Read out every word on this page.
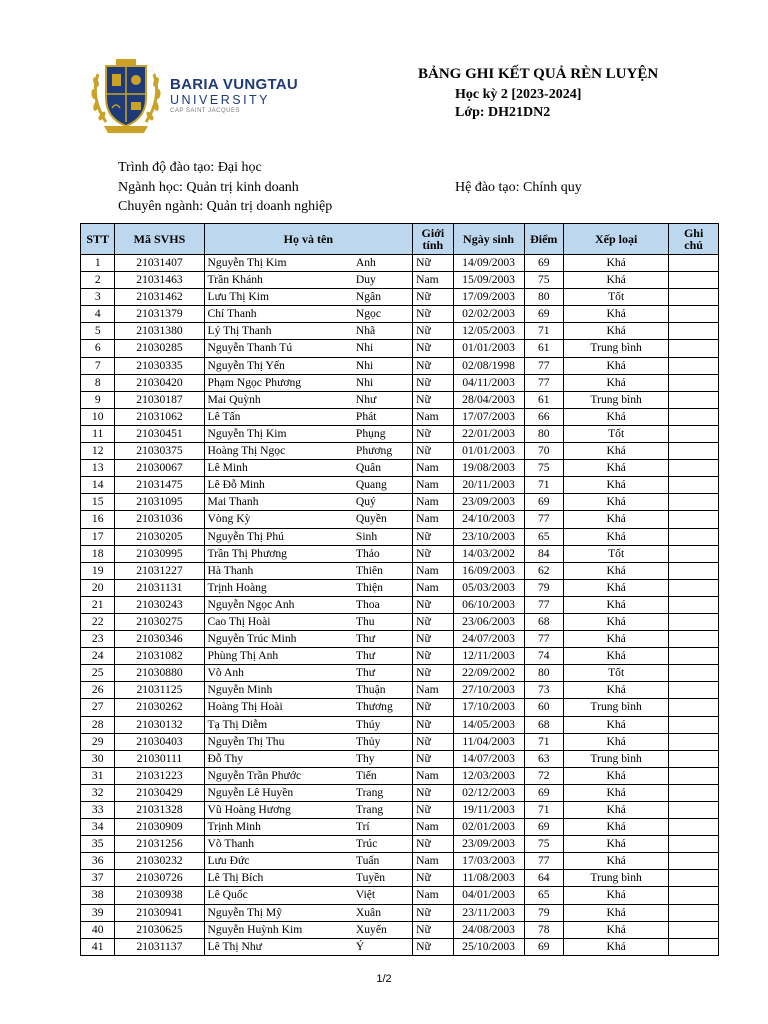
BARIA VUNGTAU
UNIVERSITY
CAP SAINT JACQUES
BẢNG GHI KẾT QUẢ RÈN LUYỆN
Học kỳ 2 [2023-2024]
Lớp: DH21DN2
Trình độ đào tạo: Đại học
Ngành học: Quản trị kinh doanh	Hệ đào tạo: Chính quy
Chuyên ngành: Quản trị doanh nghiệp
STT	Mã SVHS	Họ và tên		Giới
tính	Ngày sinh	Điểm	Xếp loại	Ghi
chú
1	21031407	Nguyễn Thị Kim	Anh	Nữ	14/09/2003	69	Khá	
2	21031463	Trần Khánh	Duy	Nam	15/09/2003	75	Khá	
3	21031462	Lưu Thị Kim	Ngân	Nữ	17/09/2003	80	Tốt	
4	21031379	Chí Thanh	Ngọc	Nữ	02/02/2003	69	Khá	
5	21031380	Lý Thị Thanh	Nhã	Nữ	12/05/2003	71	Khá	
6	21030285	Nguyễn Thanh Tú	Nhi	Nữ	01/01/2003	61	Trung bình	
7	21030335	Nguyễn Thị Yến	Nhi	Nữ	02/08/1998	77	Khá	
8	21030420	Phạm Ngọc Phương	Nhi	Nữ	04/11/2003	77	Khá	
9	21030187	Mai Quỳnh	Như	Nữ	28/04/2003	61	Trung bình	
10	21031062	Lê Tấn	Phát	Nam	17/07/2003	66	Khá	
11	21030451	Nguyễn Thị Kim	Phụng	Nữ	22/01/2003	80	Tốt	
12	21030375	Hoàng Thị Ngọc	Phương	Nữ	01/01/2003	70	Khá	
13	21030067	Lê Minh	Quân	Nam	19/08/2003	75	Khá	
14	21031475	Lê Đỗ Minh	Quang	Nam	20/11/2003	71	Khá	
15	21031095	Mai Thanh	Quý	Nam	23/09/2003	69	Khá	
16	21031036	Vòng Kỳ	Quyền	Nam	24/10/2003	77	Khá	
17	21030205	Nguyễn Thị Phú	Sinh	Nữ	23/10/2003	65	Khá	
18	21030995	Trần Thị Phương	Thảo	Nữ	14/03/2002	84	Tốt	
19	21031227	Hà Thanh	Thiên	Nam	16/09/2003	62	Khá	
20	21031131	Trịnh Hoàng	Thiện	Nam	05/03/2003	79	Khá	
21	21030243	Nguyễn Ngọc Anh	Thoa	Nữ	06/10/2003	77	Khá	
22	21030275	Cao Thị Hoài	Thu	Nữ	23/06/2003	68	Khá	
23	21030346	Nguyễn Trúc Minh	Thư	Nữ	24/07/2003	77	Khá	
24	21031082	Phùng Thị Anh	Thư	Nữ	12/11/2003	74	Khá	
25	21030880	Võ Anh	Thư	Nữ	22/09/2002	80	Tốt	
26	21031125	Nguyễn Minh	Thuận	Nam	27/10/2003	73	Khá	
27	21030262	Hoàng Thị Hoài	Thương	Nữ	17/10/2003	60	Trung bình	
28	21030132	Tạ Thị Diễm	Thúy	Nữ	14/05/2003	68	Khá	
29	21030403	Nguyễn Thị Thu	Thủy	Nữ	11/04/2003	71	Khá	
30	21030111	Đỗ Thy	Thy	Nữ	14/07/2003	63	Trung bình	
31	21031223	Nguyễn Trần Phước	Tiến	Nam	12/03/2003	72	Khá	
32	21030429	Nguyễn Lê Huyền	Trang	Nữ	02/12/2003	69	Khá	
33	21031328	Vũ Hoàng Hương	Trang	Nữ	19/11/2003	71	Khá	
34	21030909	Trịnh Minh	Trí	Nam	02/01/2003	69	Khá	
35	21031256	Võ Thanh	Trúc	Nữ	23/09/2003	75	Khá	
36	21030232	Lưu Đức	Tuấn	Nam	17/03/2003	77	Khá	
37	21030726	Lê Thị Bích	Tuyền	Nữ	11/08/2003	64	Trung bình	
38	21030938	Lê Quốc	Việt	Nam	04/01/2003	65	Khá	
39	21030941	Nguyễn Thị Mỹ	Xuân	Nữ	23/11/2003	79	Khá	
40	21030625	Nguyễn Huỳnh Kim	Xuyến	Nữ	24/08/2003	78	Khá	
41	21031137	Lê Thị Như	Ý	Nữ	25/10/2003	69	Khá	
1/2
